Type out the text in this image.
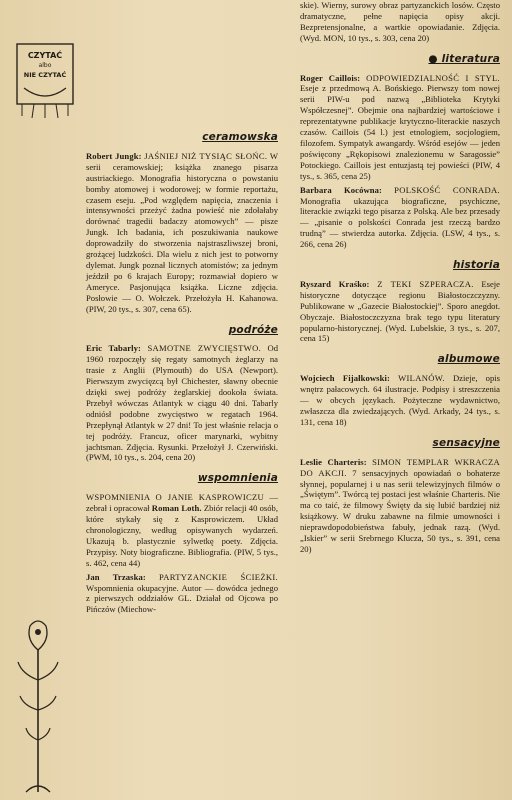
CZYTAĆ
albo
NIE CZYTAĆ
ceramowska

Robert Jungk: JAŚNIEJ NIŻ TYSIĄC SŁOŃC. W serii ceramowskiej; książka znanego pisarza austriackiego. Monografia historyczna o powstaniu bomby atomowej i wodorowej; w formie reportażu, czasem eseju. „Pod względem napięcia, znaczenia i intensywności przeżyć żadna powieść nie zdołałaby dorównać tragedii badaczy atomowych” — pisze Jungk. Ich badania, ich poszukiwania naukowe doprowadziły do stworzenia najstraszliwszej broni, grożącej ludzkości. Dla wielu z nich jest to potworny dylemat. Jungk poznał licznych atomistów; za jednym jeździł po 6 krajach Europy; rozmawiał dopiero w Ameryce. Pasjonująca książka. Liczne zdjęcia. Posłowie — O. Wołczek. Przełożyła H. Kahanowa. (PIW, 20 tys., s. 307, cena 65).

podróże

Eric Tabarly: SAMOTNE ZWYCIĘSTWO. Od 1960 rozpoczęły się regaty samotnych żeglarzy na trasie z Anglii (Plymouth) do USA (Newport). Pierwszym zwycięzcą był Chichester, sławny obecnie dzięki swej podróży żeglarskiej dookoła świata. Przebył wówczas Atlantyk w ciągu 40 dni. Tabarly odniósł podobne zwycięstwo w regatach 1964. Przepłynął Atlantyk w 27 dni! To jest właśnie relacja o tej podróży. Francuz, oficer marynarki, wybitny jachtsman. Zdjęcia. Rysunki. Przełożył J. Czerwiński. (PWM, 10 tys., s. 204, cena 20)

wspomnienia

WSPOMNIENIA O JANIE KASPROWICZU — zebrał i opracował Roman Loth. Zbiór relacji 40 osób, które stykały się z Kasprowiczem. Układ chronologiczny, według opisywanych wydarzeń. Ukazują b. plastycznie sylwetkę poety. Zdjęcia. Przypisy. Noty biograficzne. Bibliografia. (PIW, 5 tys., s. 462, cena 44)

Jan Trzaska: PARTYZANCKIE ŚCIEŻKI. Wspomnienia okupacyjne. Autor — dowódca jednego z pierwszych oddziałów GL. Działał od Ojcowa po Pińczów (Miechow-

skie). Wierny, surowy obraz partyzanckich losów. Często dramatyczne, pełne napięcia opisy akcji. Bezpretensjonalne, a wartkie opowiadanie. Zdjęcia. (Wyd. MON, 10 tys., s. 303, cena 20)

● literatura

Roger Caillois: ODPOWIEDZIALNOŚĆ I STYL. Eseje z przedmową A. Bońskiego. Pierwszy tom nowej serii PIW-u pod nazwą „Biblioteka Krytyki Współczesnej”. Obejmie ona najbardziej wartościowe i reprezentatywne publikacje krytyczno-literackie naszych czasów. Caillois (54 l.) jest etnologiem, socjologiem, filozofem. Sympatyk awangardy. Wśród esejów — jeden poświęcony „Rękopisowi znalezionemu w Saragossie” Potockiego. Caillois jest entuzjastą tej powieści (PIW, 4 tys., s. 365, cena 25)

Barbara Kocówna: POLSKOŚĆ CONRADA. Monografia ukazująca biograficzne, psychiczne, literackie związki tego pisarza z Polską. Ale bez przesady — „pisanie o polskości Conrada jest rzeczą bardzo trudną” — stwierdza autorka. Zdjęcia. (LSW, 4 tys., s. 266, cena 26)

historia

Ryszard Kraśko: Z TEKI SZPERACZA. Eseje historyczne dotyczące regionu Białostoczczyzny. Publikowane w „Gazecie Białostockiej”. Sporo anegdot. Obyczaje. Białostoczczyzna brak tego typu literatury popularno-historycznej. (Wyd. Lubelskie, 3 tys., s. 207, cena 15)

albumowe

Wojciech Fijałkowski: WILANÓW. Dzieje, opis wnętrz pałacowych. 64 ilustracje. Podpisy i streszczenia — w obcych językach. Pożyteczne wydawnictwo, zwłaszcza dla zwiedzających. (Wyd. Arkady, 24 tys., s. 131, cena 18)

sensacyjne

Leslie Charteris: SIMON TEMPLAR WKRACZA DO AKCJI. 7 sensacyjnych opowiadań o bohaterze słynnej, popularnej i u nas serii telewizyjnych filmów o „Świętym”. Twórcą tej postaci jest właśnie Charteris. Nie ma co taić, że filmowy Święty da się lubić bardziej niż książkowy. W druku zabawne na filmie umowności i nieprawdopodobieństwa fabuły, jednak razą. (Wyd. „Iskier” w serii Srebrnego Klucza, 50 tys., s. 391, cena 20)
